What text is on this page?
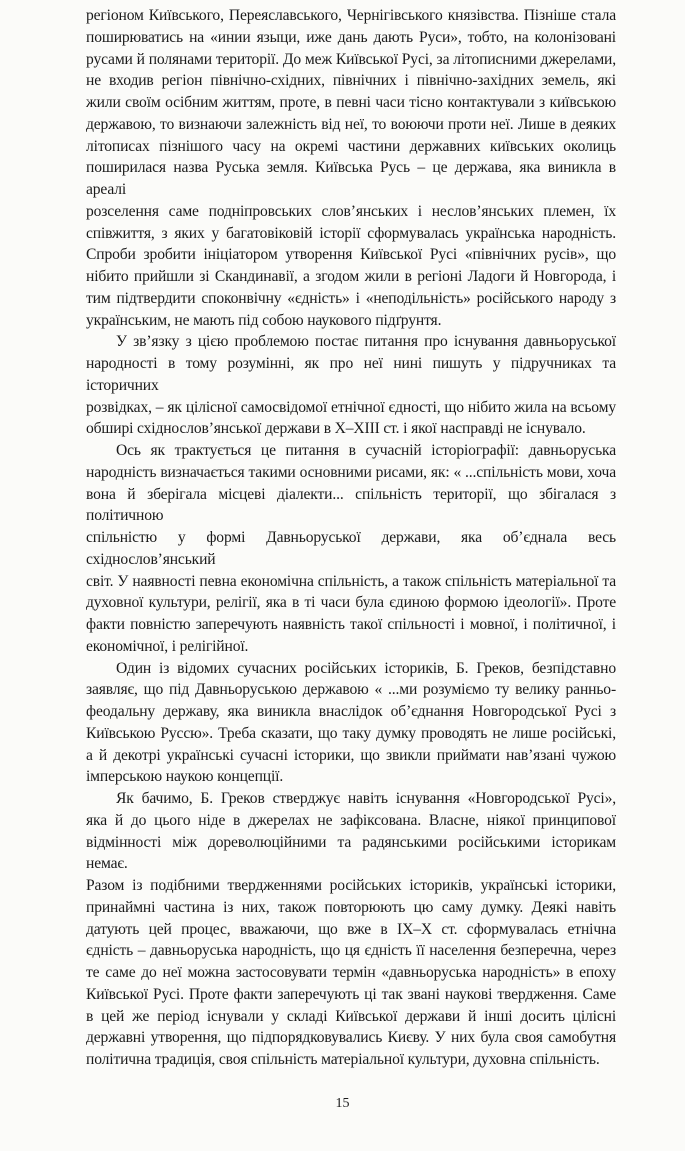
регіоном Київського, Переяславського, Чернігівського князівства. Пізніше стала
поширюватись на «инии языци, иже дань дають Руси», тобто, на колонізовані
русами й полянами території. До меж Київської Русі, за літописними джерелами,
не входив регіон північно-східних, північних і північно-західних земель, які
жили своїм осібним життям, проте, в певні часи тісно контактували з київською
державою, то визнаючи залежність від неї, то воюючи проти неї. Лише в деяких
літописах пізнішого часу на окремі частини державних київських околиць
поширилася назва Руська земля. Київська Русь – це держава, яка виникла в ареалі
розселення саме подніпровських слов’янських і неслов’янських племен, їх
співжиття, з яких у багатовіковій історії сформувалась українська народність.
Спроби зробити ініціатором утворення Київської Русі «північних русів», що
нібито прийшли зі Скандинавії, а згодом жили в регіоні Ладоги й Новгорода, і
тим підтвердити споконвічну «єдність» і «неподільність» російського народу з
українським, не мають під собою наукового підґрунтя.
У зв’язку з цією проблемою постає питання про існування давньоруської
народності в тому розумінні, як про неї нині пишуть у підручниках та історичних
розвідках, – як цілісної самосвідомої етнічної єдності, що нібито жила на всьому
обширі східнослов’янської держави в X–XIII ст. і якої насправді не існувало.
Ось як трактується це питання в сучасній історіографії: давньоруська
народність визначається такими основними рисами, як: « ...спільність мови, хоча
вона й зберігала місцеві діалекти... спільність території, що збігалася з політичною
спільністю у формі Давньоруської держави, яка об’єднала весь східнослов’янський
світ. У наявності певна економічна спільність, а також спільність матеріальної та
духовної культури, релігії, яка в ті часи була єдиною формою ідеології». Проте
факти повністю заперечують наявність такої спільності і мовної, і політичної, і
економічної, і релігійної.
Один із відомих сучасних російських істориків, Б. Греков, безпідставно
заявляє, що під Давньоруською державою « ...ми розуміємо ту велику ранньо-
феодальну державу, яка виникла внаслідок об’єднання Новгородської Русі з
Київською Руссю». Треба сказати, що таку думку проводять не лише російські,
а й декотрі українські сучасні історики, що звикли приймати нав’язані чужою
імперською наукою концепції.
Як бачимо, Б. Греков стверджує навіть існування «Новгородської Русі»,
яка й до цього ніде в джерелах не зафіксована. Власне, ніякої принципової
відмінності між дореволюційними та радянськими російськими історикам немає.
Разом із подібними твердженнями російських істориків, українські історики,
принаймні частина із них, також повторюють цю саму думку. Деякі навіть
датують цей процес, вважаючи, що вже в IX–X ст. сформувалась етнічна
єдність – давньоруська народність, що ця єдність її населення безперечна, через
те саме до неї можна застосовувати термін «давньоруська народність» в епоху
Київської Русі. Проте факти заперечують ці так звані наукові твердження. Саме
в цей же період існували у складі Київської держави й інші досить цілісні
державні утворення, що підпорядковувались Києву. У них була своя самобутня
політична традиція, своя спільність матеріальної культури, духовна спільність.
15
